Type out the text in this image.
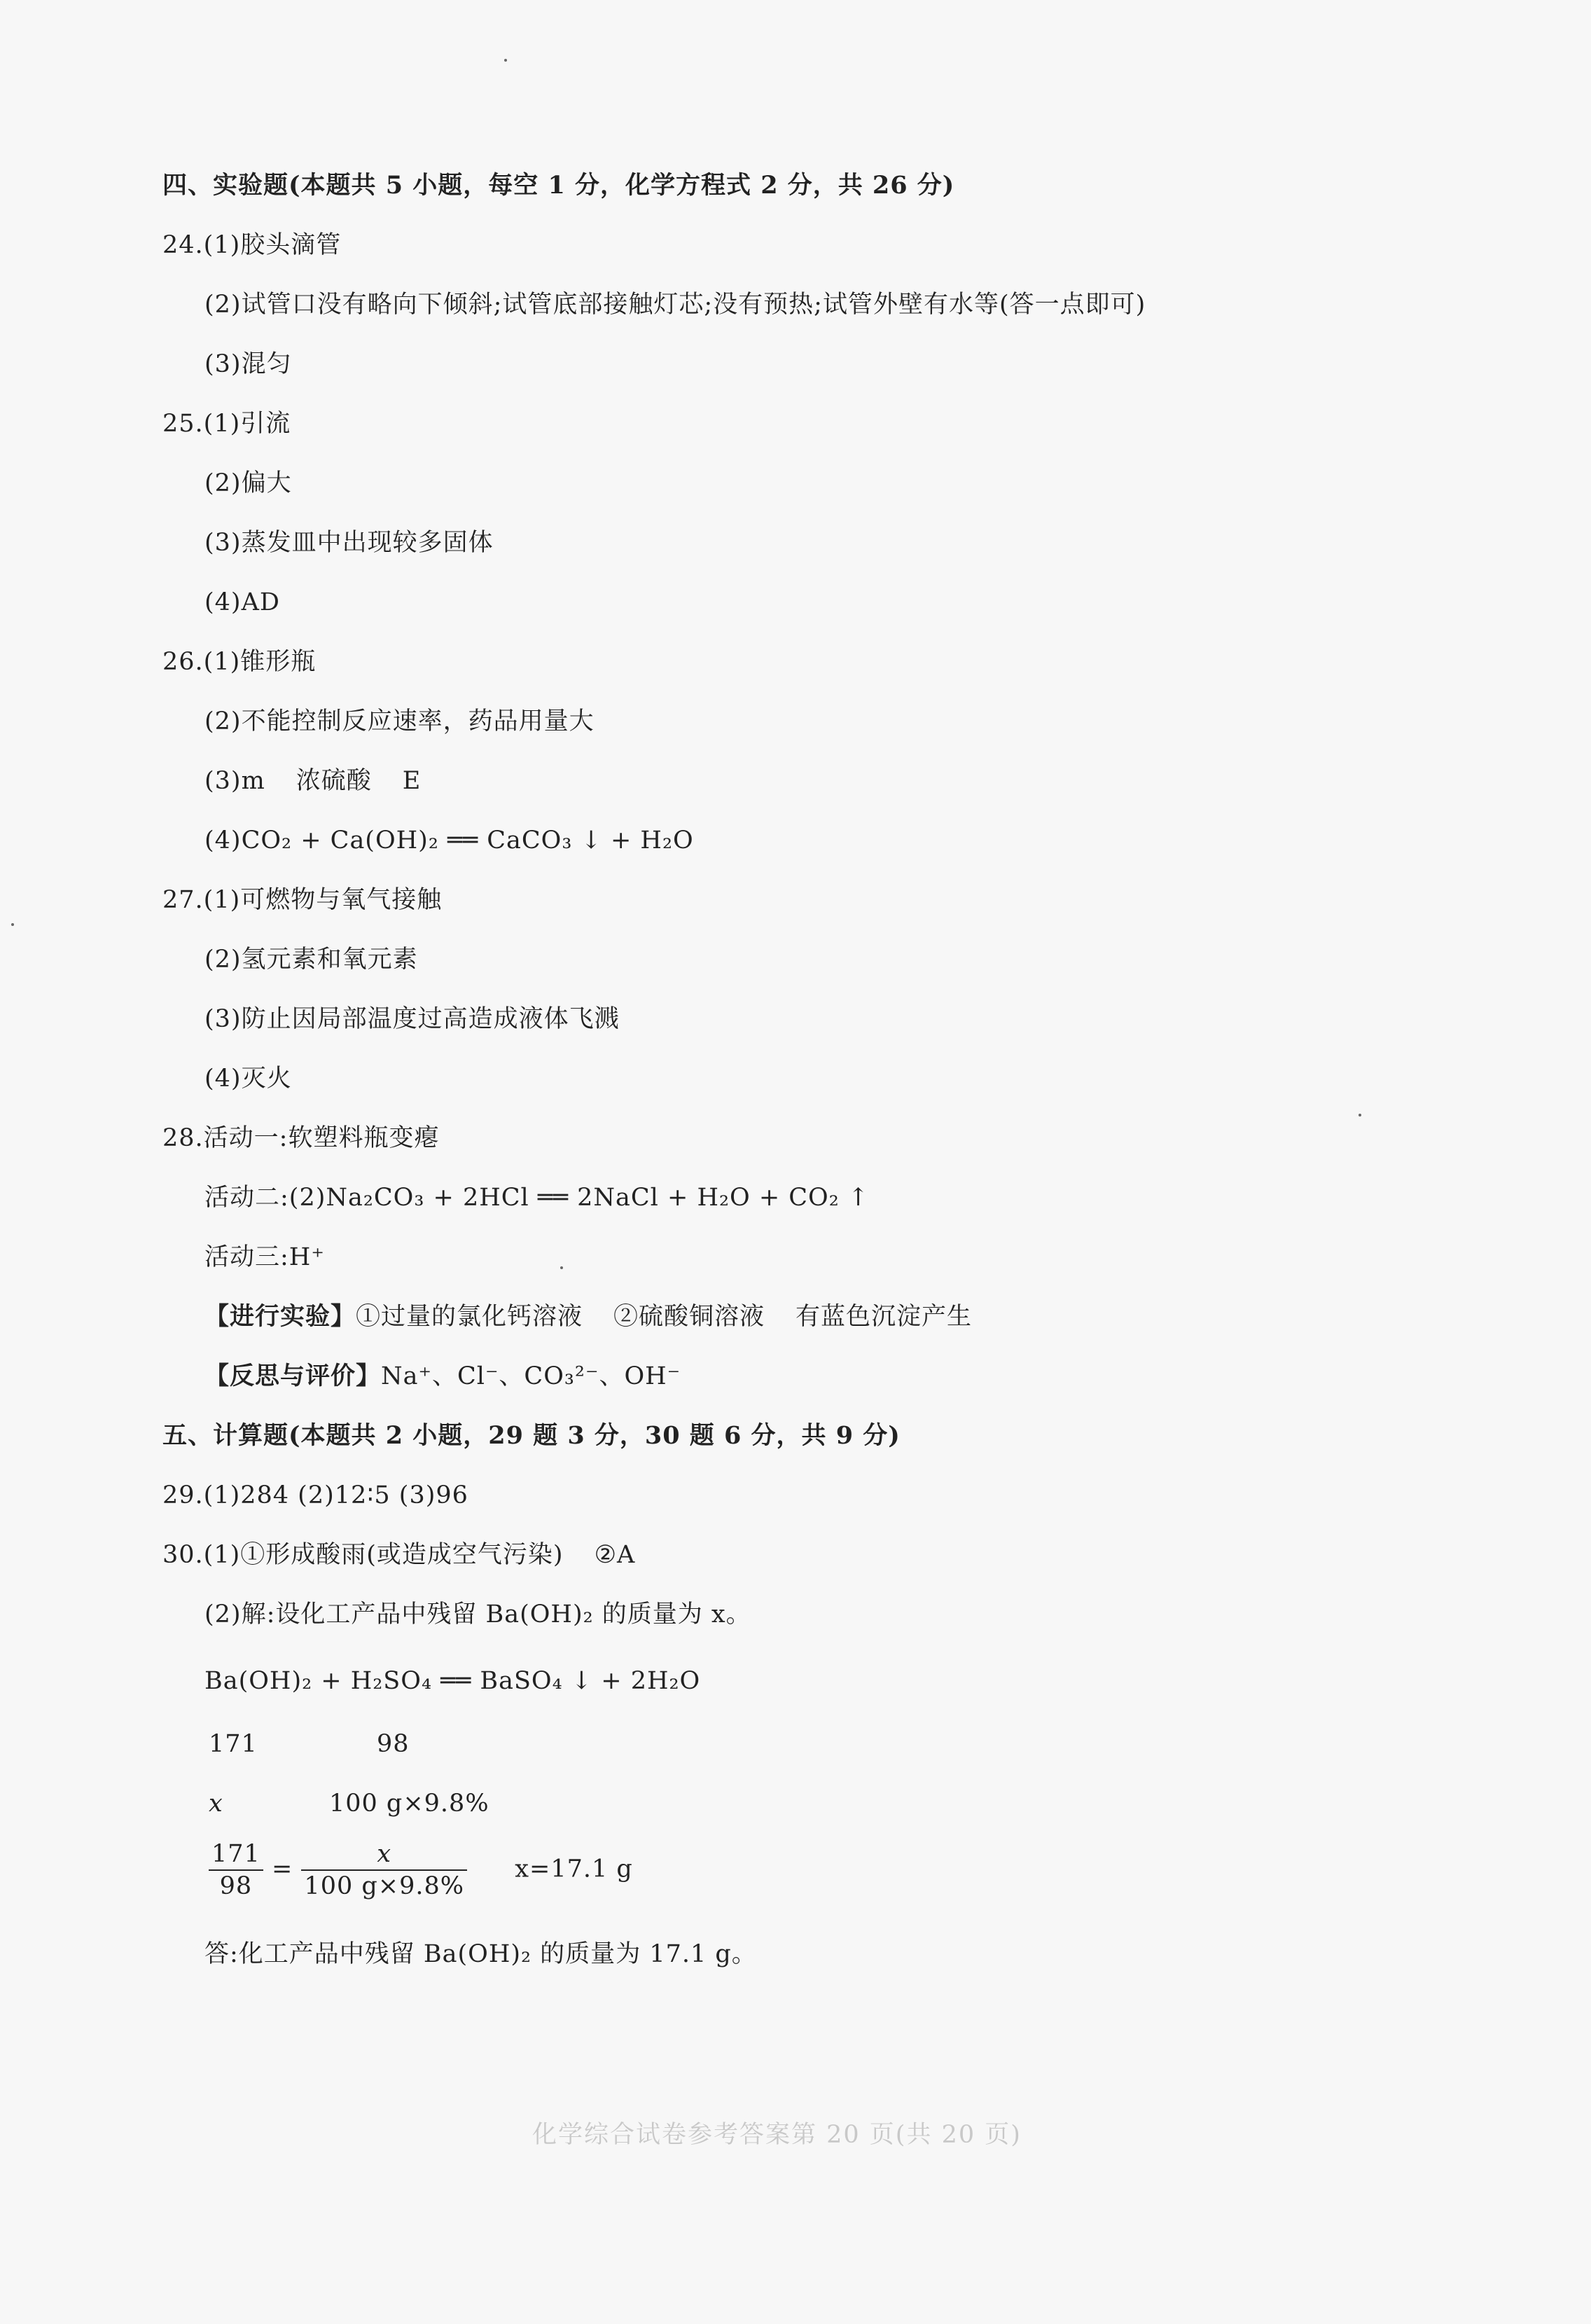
四、实验题(本题共 5 小题，每空 1 分，化学方程式 2 分，共 26 分)
24.(1)胶头滴管
(2)试管口没有略向下倾斜;试管底部接触灯芯;没有预热;试管外壁有水等(答一点即可)
(3)混匀
25.(1)引流
(2)偏大
(3)蒸发皿中出现较多固体
(4)AD
26.(1)锥形瓶
(2)不能控制反应速率，药品用量大
(3)m 浓硫酸 E
(4)CO₂ + Ca(OH)₂ ══ CaCO₃ ↓ + H₂O
27.(1)可燃物与氧气接触
(2)氢元素和氧元素
(3)防止因局部温度过高造成液体飞溅
(4)灭火
28.活动一:软塑料瓶变瘪
活动二:(2)Na₂CO₃ + 2HCl ══ 2NaCl + H₂O + CO₂ ↑
活动三:H⁺
【进行实验】①过量的氯化钙溶液 ②硫酸铜溶液 有蓝色沉淀产生
【反思与评价】Na⁺、Cl⁻、CO₃²⁻、OH⁻
五、计算题(本题共 2 小题，29 题 3 分，30 题 6 分，共 9 分)
29.(1)284 (2)12∶5 (3)96
30.(1)①形成酸雨(或造成空气污染) ②A
(2)解:设化工产品中残留 Ba(OH)₂ 的质量为 x。
Ba(OH)₂ + H₂SO₄ ══ BaSO₄ ↓ + 2H₂O
171	98
x	100 g×9.8%
$\frac{171}{98} = \frac{x}{100 g\times 9.8\%} x=17.1$ g
答:化工产品中残留 Ba(OH)₂ 的质量为 17.1 g。
化学综合试卷参考答案第 20 页(共 20 页)
